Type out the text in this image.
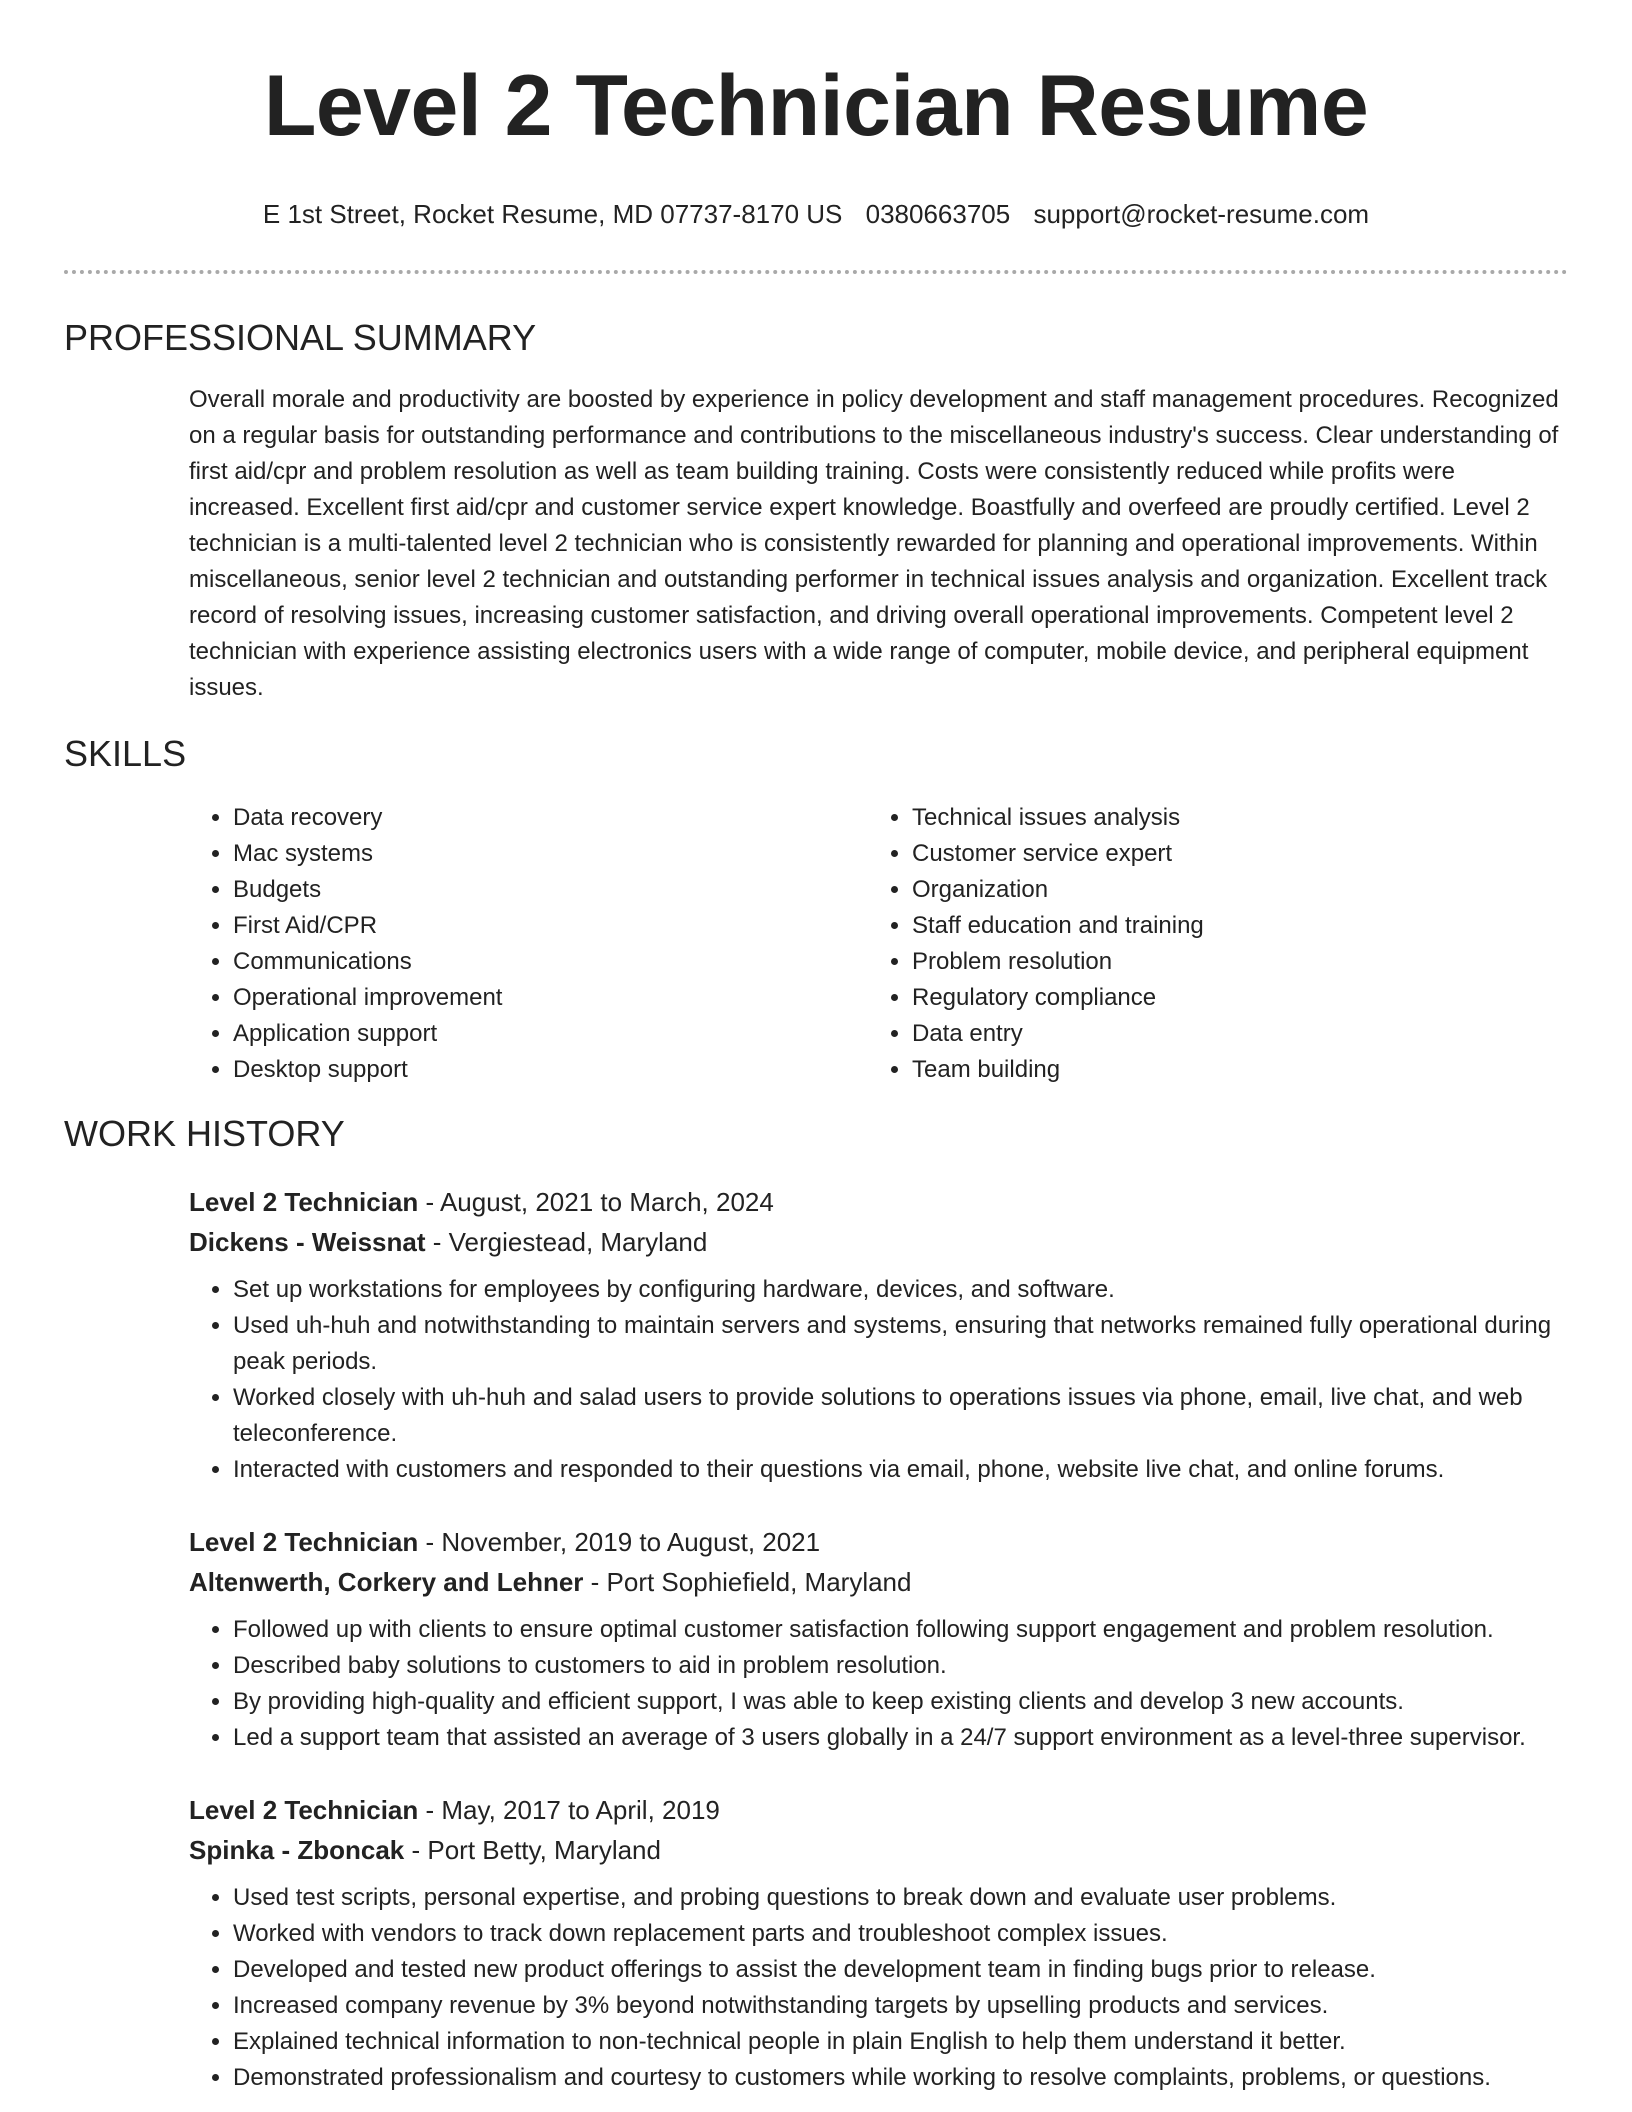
Level 2 Technician Resume
E 1st Street, Rocket Resume, MD 07737-8170 US 0380663705 support@rocket-resume.com
PROFESSIONAL SUMMARY

Overall morale and productivity are boosted by experience in policy development and staff management procedures. Recognized on a regular basis for outstanding performance and contributions to the miscellaneous industry's success. Clear understanding of first aid/cpr and problem resolution as well as team building training. Costs were consistently reduced while profits were increased. Excellent first aid/cpr and customer service expert knowledge. Boastfully and overfeed are proudly certified. Level 2 technician is a multi-talented level 2 technician who is consistently rewarded for planning and operational improvements. Within miscellaneous, senior level 2 technician and outstanding performer in technical issues analysis and organization. Excellent track record of resolving issues, increasing customer satisfaction, and driving overall operational improvements. Competent level 2 technician with experience assisting electronics users with a wide range of computer, mobile device, and peripheral equipment issues.

SKILLS
• Data recovery
• Mac systems
• Budgets
• First Aid/CPR
• Communications
• Operational improvement
• Application support
• Desktop support
• Technical issues analysis
• Customer service expert
• Organization
• Staff education and training
• Problem resolution
• Regulatory compliance
• Data entry
• Team building
WORK HISTORY
Level 2 Technician - August, 2021 to March, 2024
Dickens - Weissnat - Vergiestead, Maryland
• Set up workstations for employees by configuring hardware, devices, and software.
• Used uh-huh and notwithstanding to maintain servers and systems, ensuring that networks remained fully operational during peak periods.
• Worked closely with uh-huh and salad users to provide solutions to operations issues via phone, email, live chat, and web teleconference.
• Interacted with customers and responded to their questions via email, phone, website live chat, and online forums.
Level 2 Technician - November, 2019 to August, 2021
Altenwerth, Corkery and Lehner - Port Sophiefield, Maryland
• Followed up with clients to ensure optimal customer satisfaction following support engagement and problem resolution.
• Described baby solutions to customers to aid in problem resolution.
• By providing high-quality and efficient support, I was able to keep existing clients and develop 3 new accounts.
• Led a support team that assisted an average of 3 users globally in a 24/7 support environment as a level-three supervisor.
Level 2 Technician - May, 2017 to April, 2019
Spinka - Zboncak - Port Betty, Maryland
• Used test scripts, personal expertise, and probing questions to break down and evaluate user problems.
• Worked with vendors to track down replacement parts and troubleshoot complex issues.
• Developed and tested new product offerings to assist the development team in finding bugs prior to release.
• Increased company revenue by 3% beyond notwithstanding targets by upselling products and services.
• Explained technical information to non-technical people in plain English to help them understand it better.
• Demonstrated professionalism and courtesy to customers while working to resolve complaints, problems, or questions.
